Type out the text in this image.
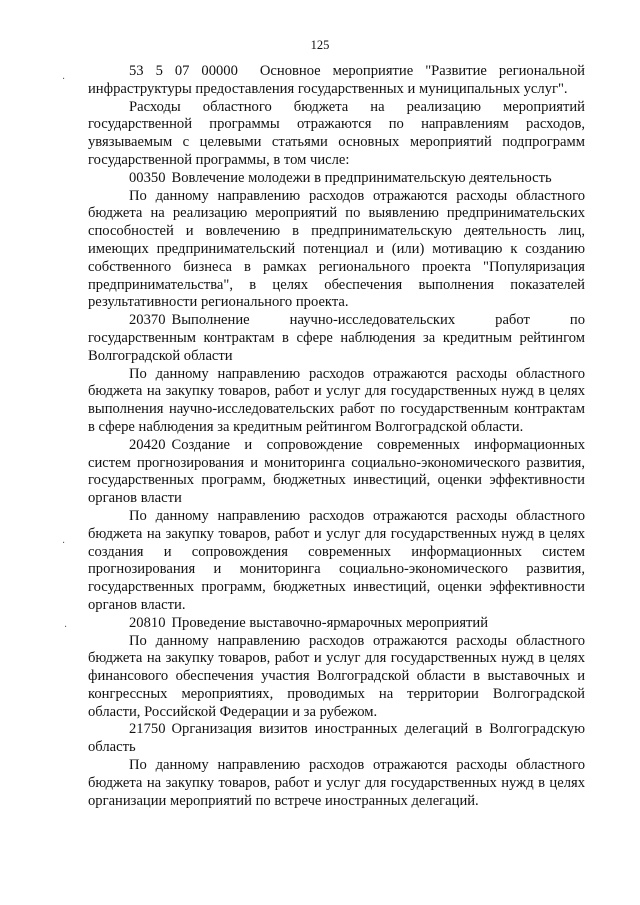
125
·
·
·

53 5 07 00000 Основное мероприятие "Развитие региональной инфраструктуры предоставления государственных и муниципальных услуг".

Расходы областного бюджета на реализацию мероприятий государственной программы отражаются по направлениям расходов, увязываемым с целевыми статьями основных мероприятий подпрограмм государственной программы, в том числе:

00350 Вовлечение молодежи в предпринимательскую деятельность

По данному направлению расходов отражаются расходы областного бюджета на реализацию мероприятий по выявлению предпринимательских способностей и вовлечению в предпринимательскую деятельность лиц, имеющих предпринимательский потенциал и (или) мотивацию к созданию собственного бизнеса в рамках регионального проекта "Популяризация предпринимательства", в целях обеспечения выполнения показателей результативности регионального проекта.

20370 Выполнение научно-исследовательских работ по государственным контрактам в сфере наблюдения за кредитным рейтингом Волгоградской области

По данному направлению расходов отражаются расходы областного бюджета на закупку товаров, работ и услуг для государственных нужд в целях выполнения научно-исследовательских работ по государственным контрактам в сфере наблюдения за кредитным рейтингом Волгоградской области.

20420 Создание и сопровождение современных информационных систем прогнозирования и мониторинга социально-экономического развития, государственных программ, бюджетных инвестиций, оценки эффективности органов власти

По данному направлению расходов отражаются расходы областного бюджета на закупку товаров, работ и услуг для государственных нужд в целях создания и сопровождения современных информационных систем прогнозирования и мониторинга социально-экономического развития, государственных программ, бюджетных инвестиций, оценки эффективности органов власти.

20810 Проведение выставочно-ярмарочных мероприятий

По данному направлению расходов отражаются расходы областного бюджета на закупку товаров, работ и услуг для государственных нужд в целях финансового обеспечения участия Волгоградской области в выставочных и конгрессных мероприятиях, проводимых на территории Волгоградской области, Российской Федерации и за рубежом.

21750 Организация визитов иностранных делегаций в Волгоградскую область

По данному направлению расходов отражаются расходы областного бюджета на закупку товаров, работ и услуг для государственных нужд в целях организации мероприятий по встрече иностранных делегаций.
